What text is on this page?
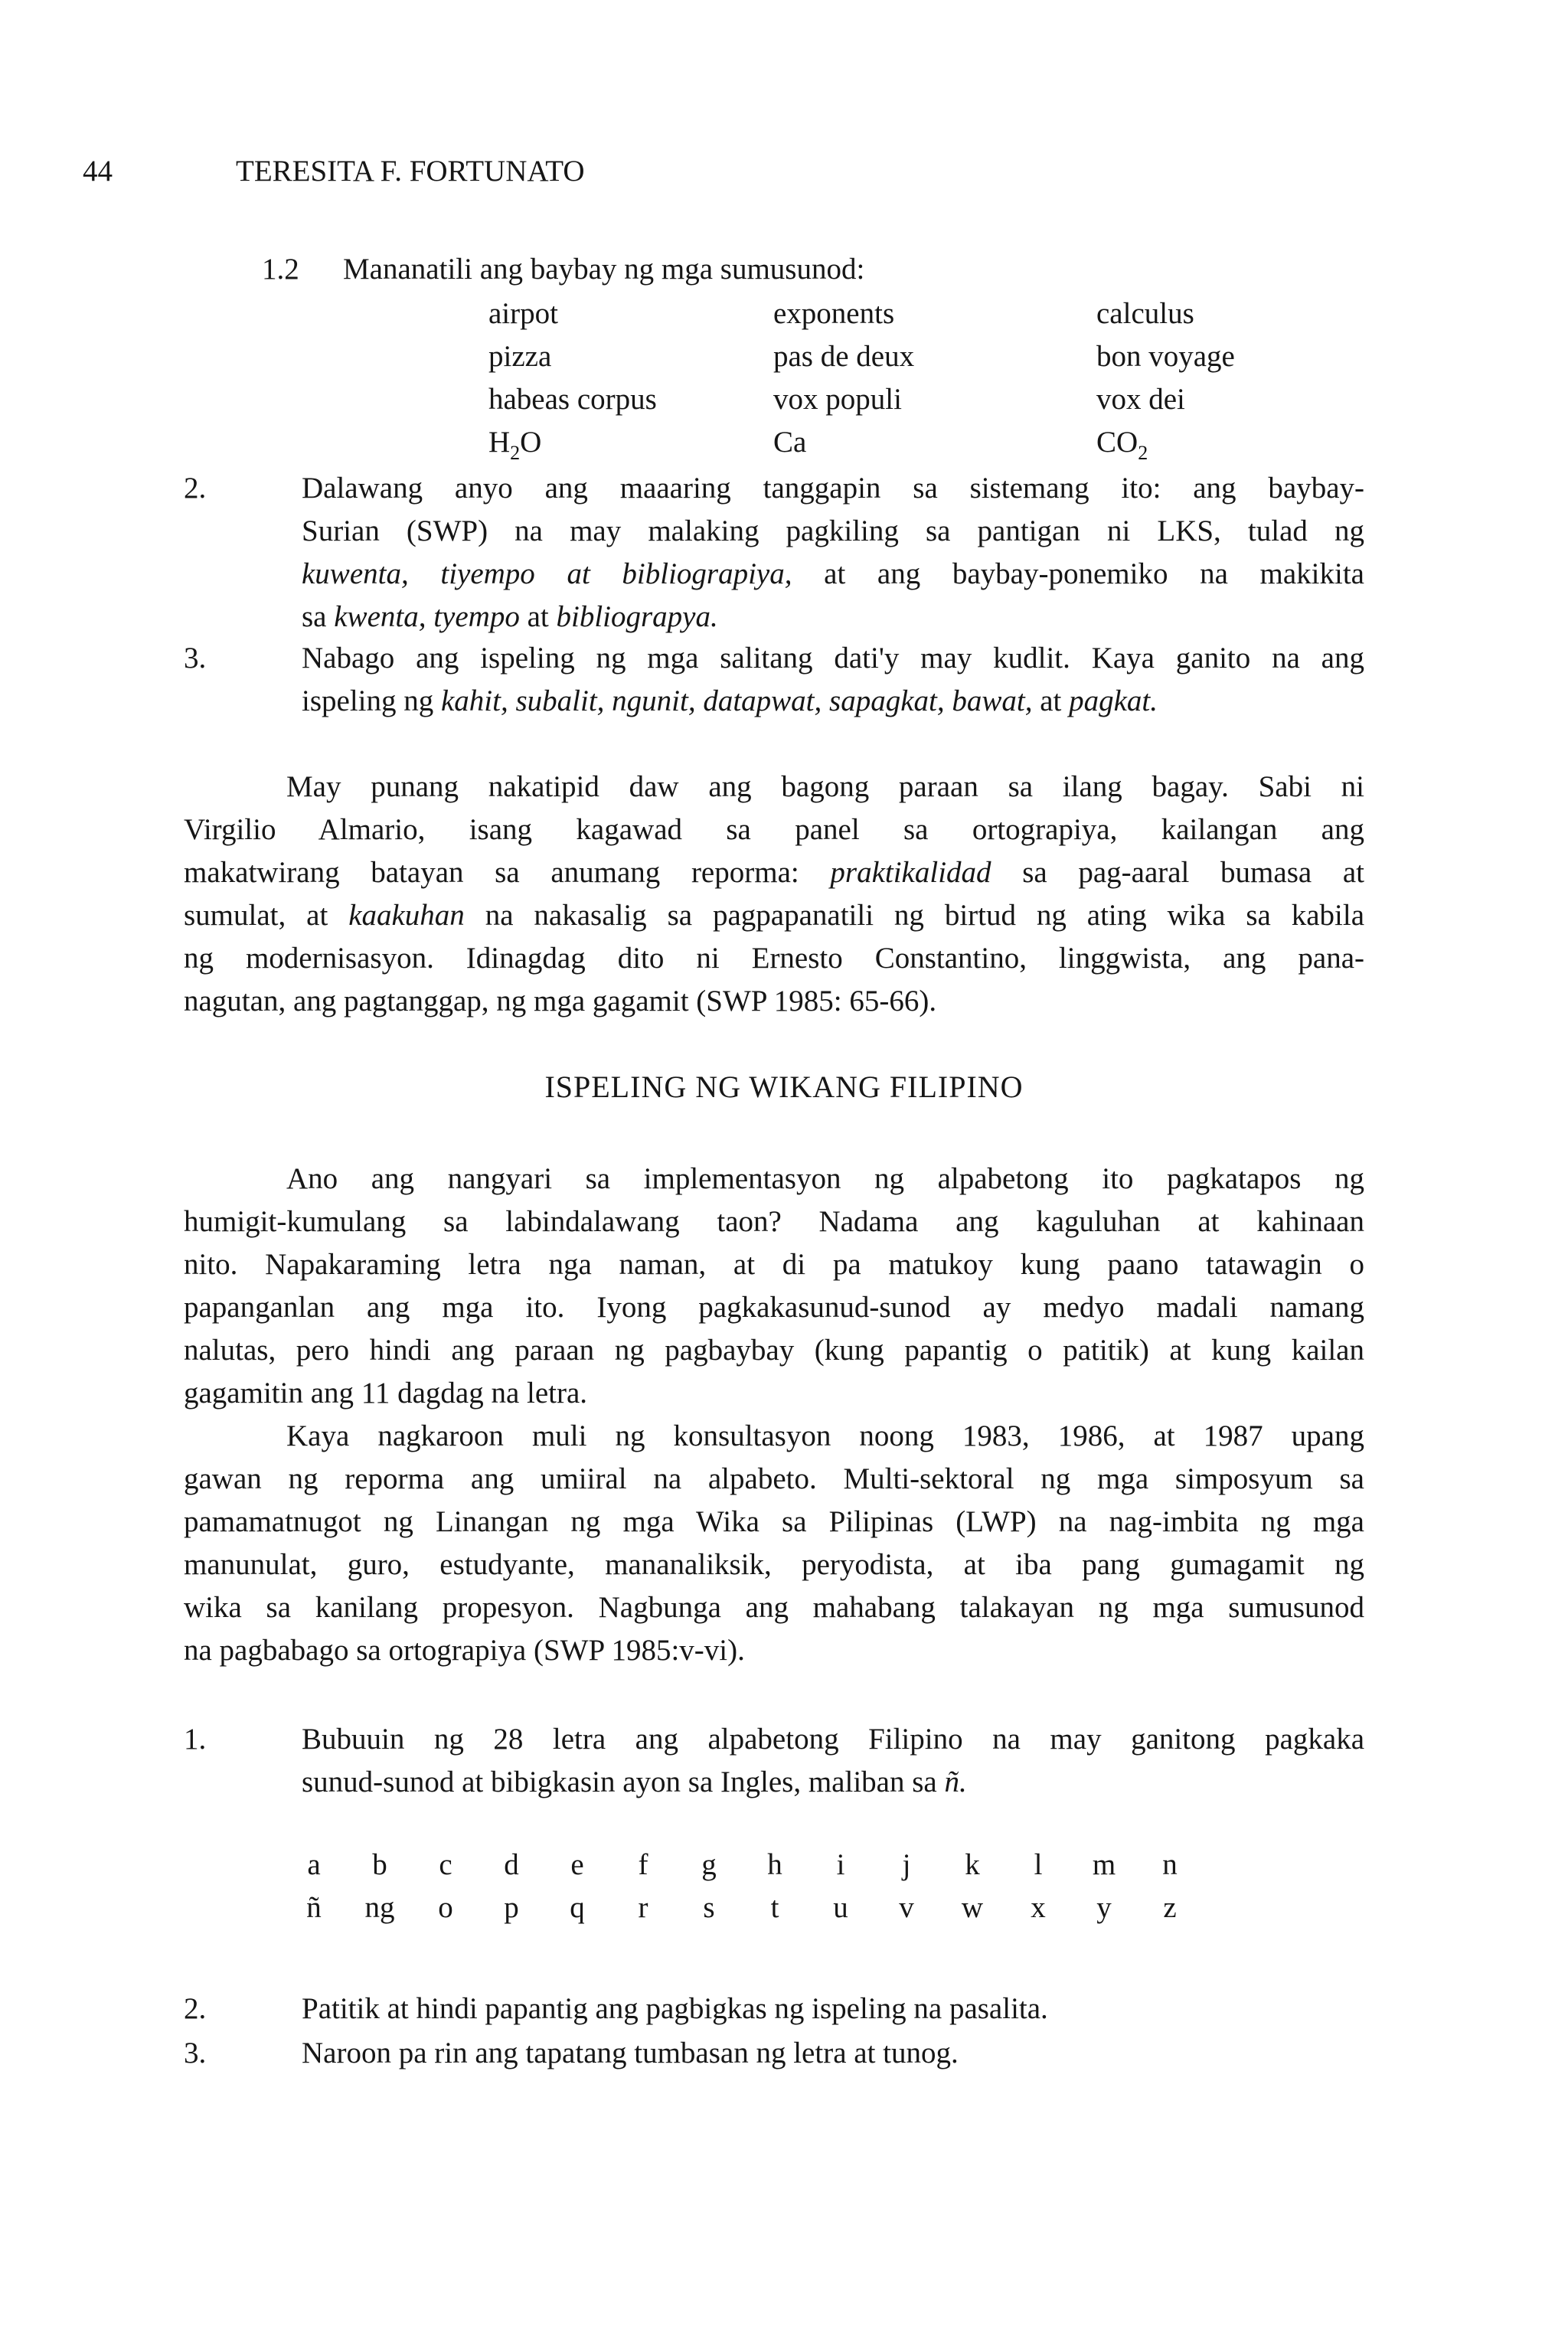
44	TERESITA F. FORTUNATO
1.2 Mananatili ang baybay ng mga sumusunod:
airpot	exponents	calculus
pizza	pas de deux	bon voyage
habeas corpus	vox populi	vox dei
$H_2O$	Ca	$CO_2$
2.	Dalawang anyo ang maaaring tanggapin sa sistemang ito: ang baybay-
Surian (SWP) na may malaking pagkiling sa pantigan ni LKS, tulad ng
kuwenta, tiyempo at bibliograpiya, at ang baybay-ponemiko na makikita
sa kwenta, tyempo at bibliograpya.
3.	Nabago ang ispeling ng mga salitang dati'y may kudlit. Kaya ganito na ang
ispeling ng kahit, subalit, ngunit, datapwat, sapagkat, bawat, at pagkat.
May punang nakatipid daw ang bagong paraan sa ilang bagay. Sabi ni
Virgilio Almario, isang kagawad sa panel sa ortograpiya, kailangan ang
makatwirang batayan sa anumang reporma: praktikalidad sa pag-aaral bumasa at
sumulat, at kaakuhan na nakasalig sa pagpapanatili ng birtud ng ating wika sa kabila
ng modernisasyon. Idinagdag dito ni Ernesto Constantino, linggwista, ang pana-
nagutan, ang pagtanggap, ng mga gagamit (SWP 1985: 65-66).
ISPELING NG WIKANG FILIPINO
Ano ang nangyari sa implementasyon ng alpabetong ito pagkatapos ng
humigit-kumulang sa labindalawang taon? Nadama ang kaguluhan at kahinaan
nito. Napakaraming letra nga naman, at di pa matukoy kung paano tatawagin o
papanganlan ang mga ito. Iyong pagkakasunud-sunod ay medyo madali namang
nalutas, pero hindi ang paraan ng pagbaybay (kung papantig o patitik) at kung kailan
gagamitin ang 11 dagdag na letra.
Kaya nagkaroon muli ng konsultasyon noong 1983, 1986, at 1987 upang
gawan ng reporma ang umiiral na alpabeto. Multi-sektoral ng mga simposyum sa
pamamatnugot ng Linangan ng mga Wika sa Pilipinas (LWP) na nag-imbita ng mga
manunulat, guro, estudyante, mananaliksik, peryodista, at iba pang gumagamit ng
wika sa kanilang propesyon. Nagbunga ang mahabang talakayan ng mga sumusunod
na pagbabago sa ortograpiya (SWP 1985:v-vi).
1.	Bubuuin ng 28 letra ang alpabetong Filipino na may ganitong pagkaka
sunud-sunod at bibigkasin ayon sa Ingles, maliban sa ñ.
a	b	c	d	e	f	g	h	i	j	k	l	m	n
ñ	ng	o	p	q	r	s	t	u	v	w	x	y	z
2.	Patitik at hindi papantig ang pagbigkas ng ispeling na pasalita.
3.	Naroon pa rin ang tapatang tumbasan ng letra at tunog.
